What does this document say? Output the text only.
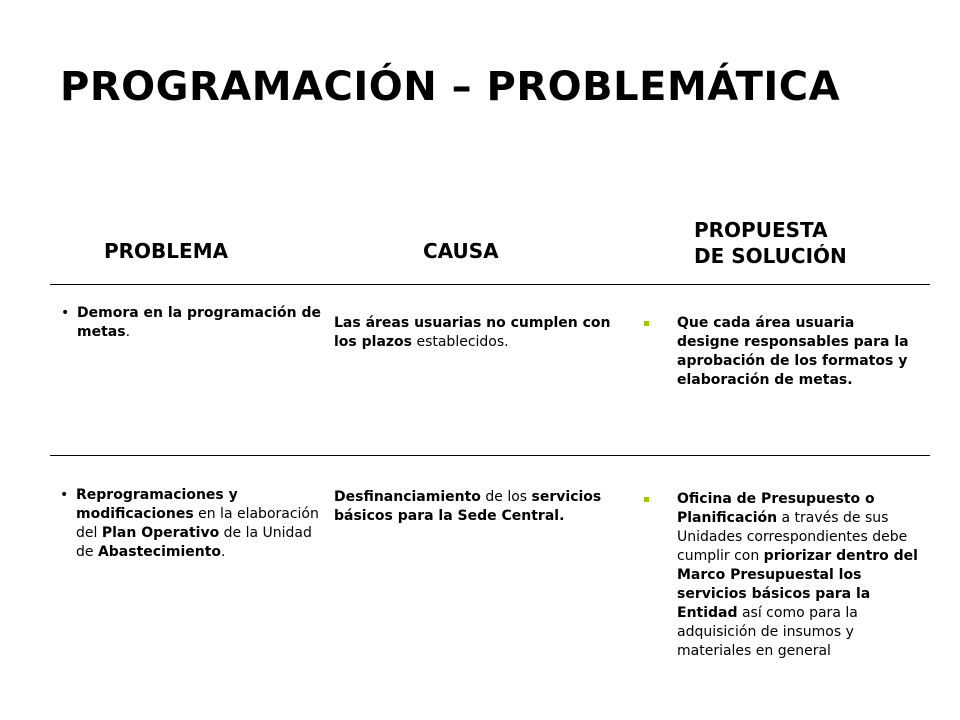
PROGRAMACIÓN – PROBLEMÁTICA
PROBLEMA	CAUSA
PROPUESTA
DE SOLUCIÓN
• Demora en la programación de metas.
Las áreas usuarias no cumplen con los plazos establecidos.
Que cada área usuaria designe responsables para la aprobación de los formatos y elaboración de metas.
• Reprogramaciones y modificaciones en la elaboración del Plan Operativo de la Unidad de Abastecimiento.
Desfinanciamiento de los servicios básicos para la Sede Central.
Oficina de Presupuesto o Planificación a través de sus Unidades correspondientes debe cumplir con priorizar dentro del Marco Presupuestal los servicios básicos para la Entidad así como para la adquisición de insumos y materiales en general
